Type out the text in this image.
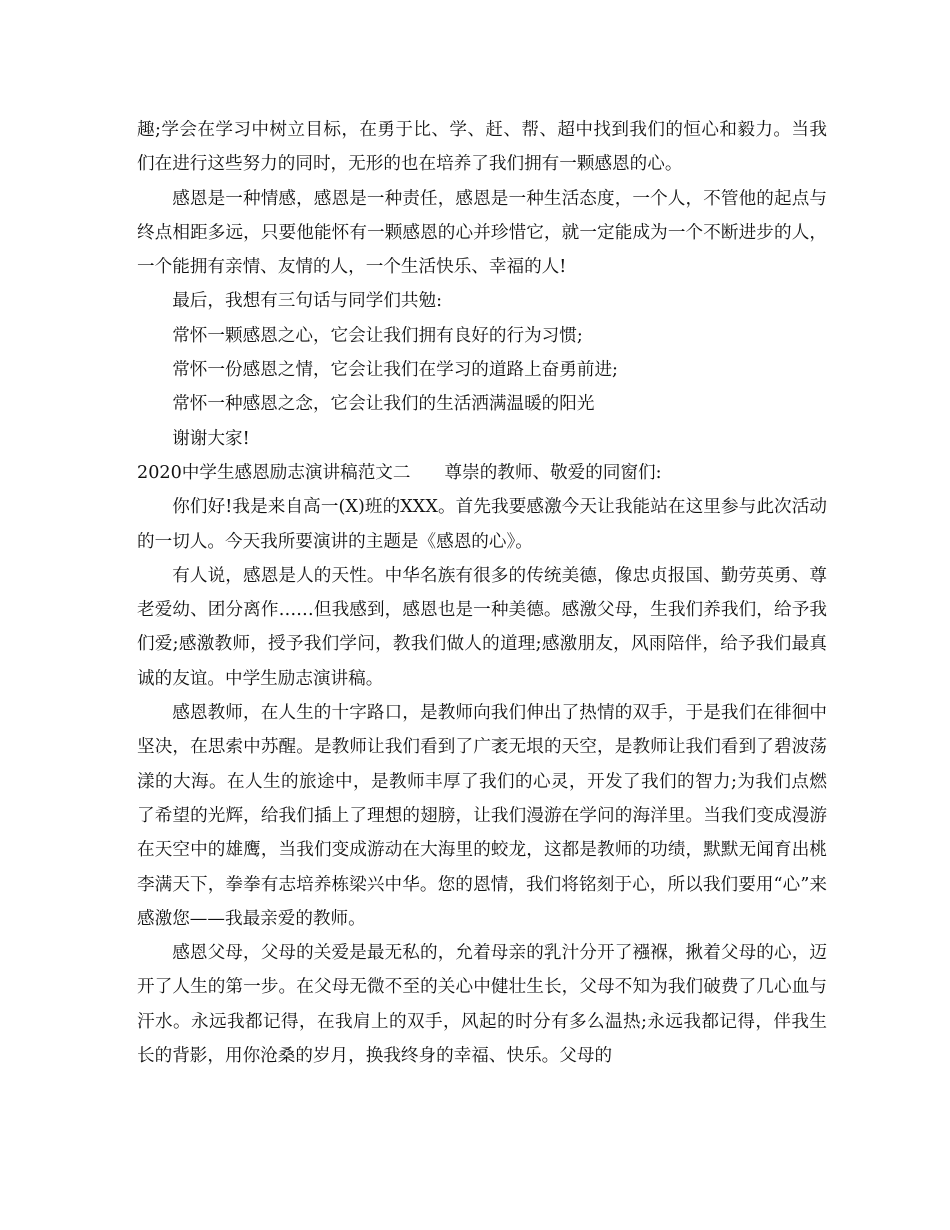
趣;学会在学习中树立目标，在勇于比、学、赶、帮、超中找到我们的恒心和毅力。当我们在进行这些努力的同时，无形的也在培养了我们拥有一颗感恩的心。

感恩是一种情感，感恩是一种责任，感恩是一种生活态度，一个人，不管他的起点与终点相距多远，只要他能怀有一颗感恩的心并珍惜它，就一定能成为一个不断进步的人，一个能拥有亲情、友情的人，一个生活快乐、幸福的人!

最后，我想有三句话与同学们共勉:

常怀一颗感恩之心，它会让我们拥有良好的行为习惯;

常怀一份感恩之情，它会让我们在学习的道路上奋勇前进;

常怀一种感恩之念，它会让我们的生活洒满温暖的阳光

谢谢大家!

2020中学生感恩励志演讲稿范文二 尊崇的教师、敬爱的同窗们:

你们好!我是来自高一(X)班的XXX。首先我要感激今天让我能站在这里参与此次活动的一切人。今天我所要演讲的主题是《感恩的心》。

有人说，感恩是人的天性。中华名族有很多的传统美德，像忠贞报国、勤劳英勇、尊老爱幼、团分离作……但我感到，感恩也是一种美德。感激父母，生我们养我们，给予我们爱;感激教师，授予我们学问，教我们做人的道理;感激朋友，风雨陪伴，给予我们最真诚的友谊。中学生励志演讲稿。

感恩教师，在人生的十字路口，是教师向我们伸出了热情的双手，于是我们在徘徊中坚决，在思索中苏醒。是教师让我们看到了广袤无垠的天空，是教师让我们看到了碧波荡漾的大海。在人生的旅途中，是教师丰厚了我们的心灵，开发了我们的智力;为我们点燃了希望的光辉，给我们插上了理想的翅膀，让我们漫游在学问的海洋里。当我们变成漫游在天空中的雄鹰，当我们变成游动在大海里的蛟龙，这都是教师的功绩，默默无闻育出桃李满天下，拳拳有志培养栋梁兴中华。您的恩情，我们将铭刻于心，所以我们要用“心”来感激您——我最亲爱的教师。

感恩父母，父母的关爱是最无私的，允着母亲的乳汁分开了襁褓，揪着父母的心，迈开了人生的第一步。在父母无微不至的关心中健壮生长，父母不知为我们破费了几心血与汗水。永远我都记得，在我肩上的双手，风起的时分有多么温热;永远我都记得，伴我生长的背影，用你沧桑的岁月，换我终身的幸福、快乐。父母的
